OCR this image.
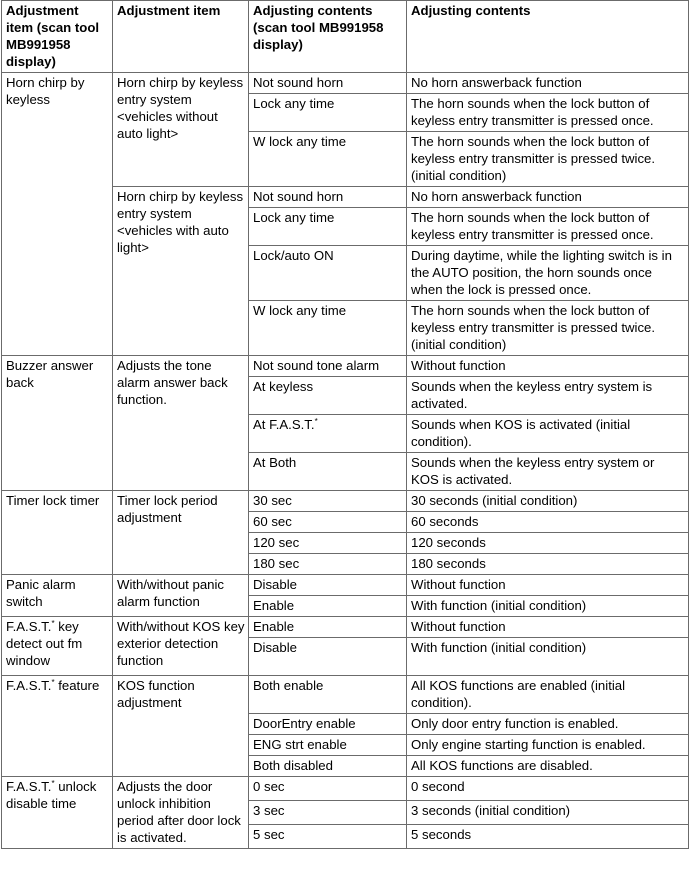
Adjustment item (scan tool MB991958 display)	Adjustment item	Adjusting contents (scan tool MB991958 display)	Adjusting contents
Horn chirp by keyless	Horn chirp by keyless entry system <vehicles without auto light>	Not sound horn	No horn answerback function
		Lock any time	The horn sounds when the lock button of keyless entry transmitter is pressed once.
		W lock any time	The horn sounds when the lock button of keyless entry transmitter is pressed twice. (initial condition)
	Horn chirp by keyless entry system <vehicles with auto light>	Not sound horn	No horn answerback function
		Lock any time	The horn sounds when the lock button of keyless entry transmitter is pressed once.
		Lock/auto ON	During daytime, while the lighting switch is in the AUTO position, the horn sounds once when the lock is pressed once.
		W lock any time	The horn sounds when the lock button of keyless entry transmitter is pressed twice. (initial condition)
Buzzer answer back	Adjusts the tone alarm answer back function.	Not sound tone alarm	Without function
		At keyless	Sounds when the keyless entry system is activated.
		At F.A.S.T.*	Sounds when KOS is activated (initial condition).
		At Both	Sounds when the keyless entry system or KOS is activated.
Timer lock timer	Timer lock period adjustment	30 sec	30 seconds (initial condition)
		60 sec	60 seconds
		120 sec	120 seconds
		180 sec	180 seconds
Panic alarm switch	With/without panic alarm function	Disable	Without function
		Enable	With function (initial condition)
F.A.S.T.* key detect out fm window	With/without KOS key exterior detection function	Enable	Without function
		Disable	With function (initial condition)
F.A.S.T.* feature	KOS function adjustment	Both enable	All KOS functions are enabled (initial condition).
		DoorEntry enable	Only door entry function is enabled.
		ENG strt enable	Only engine starting function is enabled.
		Both disabled	All KOS functions are disabled.
F.A.S.T.* unlock disable time	Adjusts the door unlock inhibition period after door lock is activated.	0 sec	0 second
		3 sec	3 seconds (initial condition)
		5 sec	5 seconds
